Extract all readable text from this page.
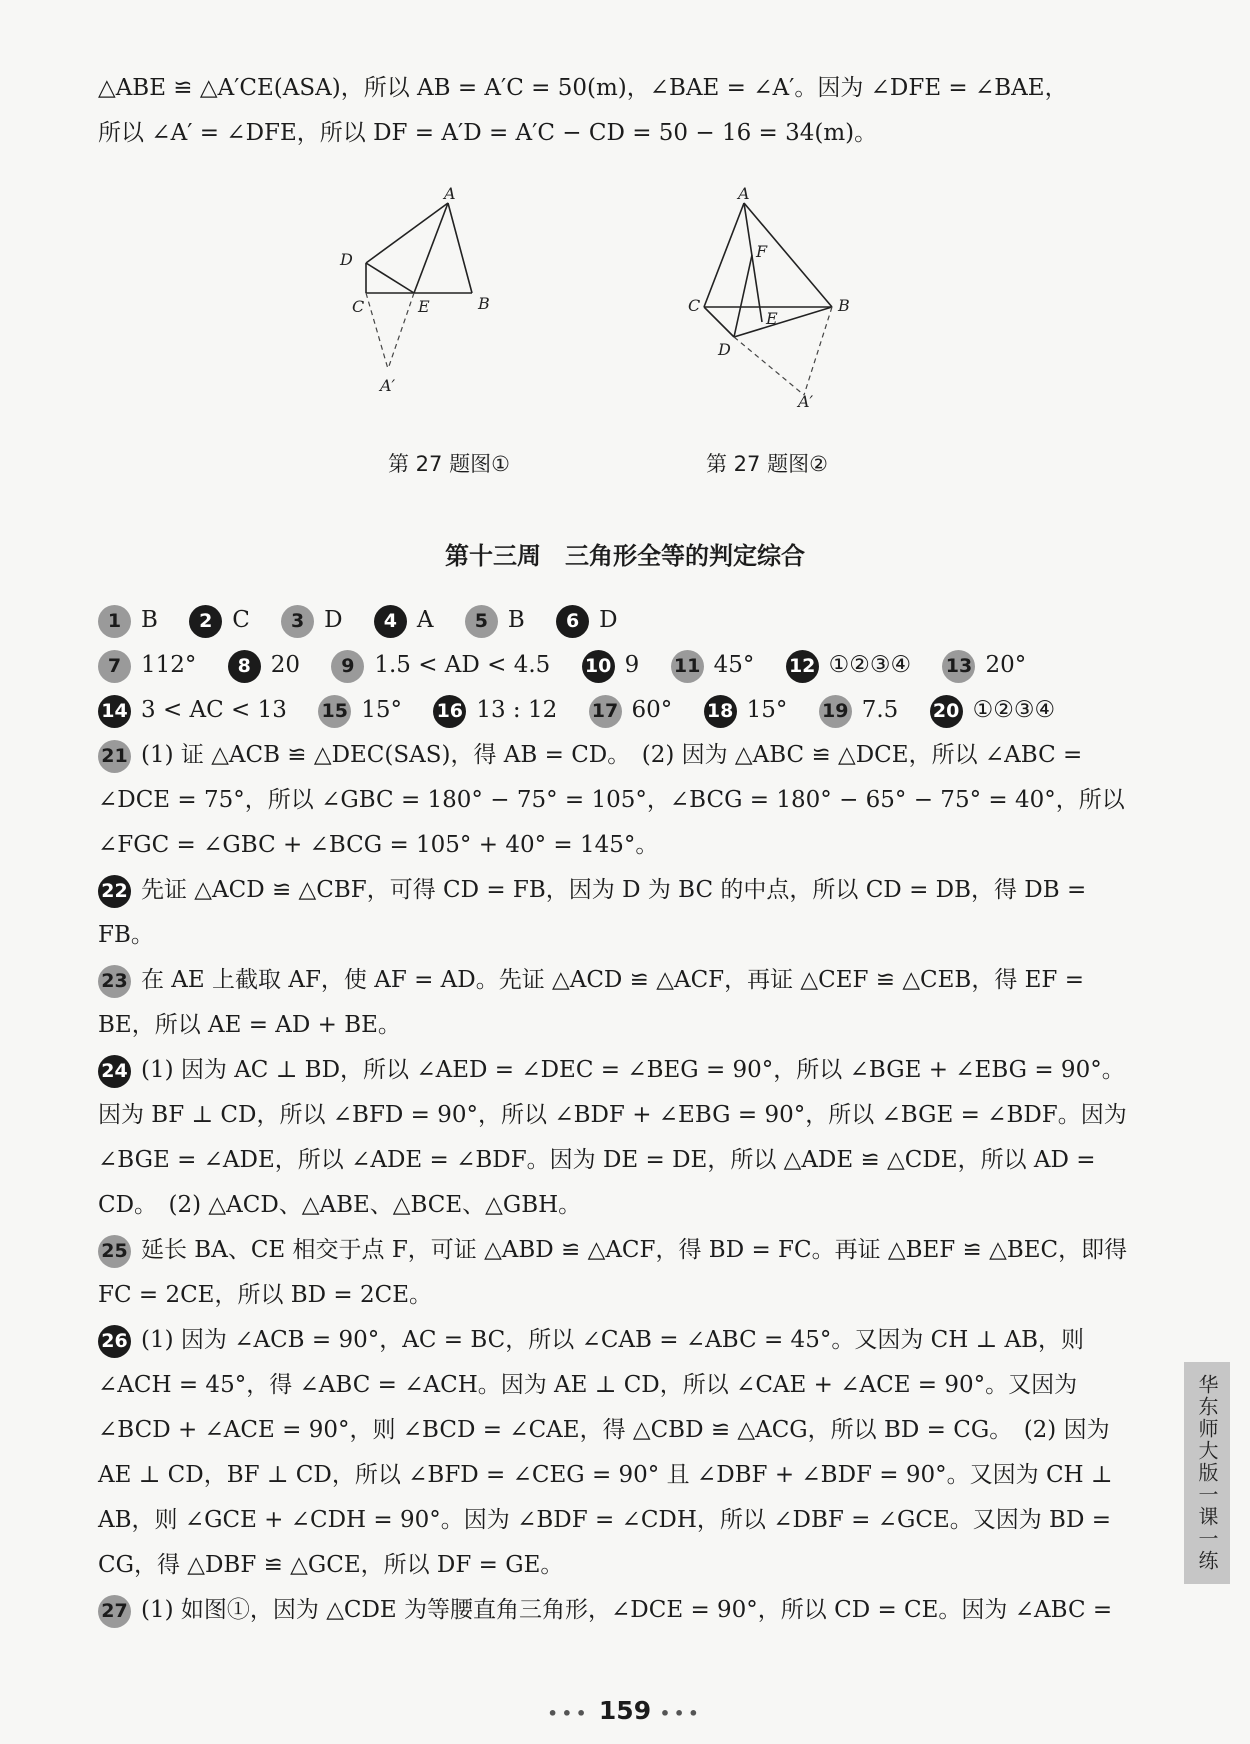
△ABE ≌ △A′CE(ASA)，所以 AB = A′C = 50(m)，∠BAE = ∠A′。因为 ∠DFE = ∠BAE，

所以 ∠A′ = ∠DFE，所以 DF = A′D = A′C − CD = 50 − 16 = 34(m)。

A
D
C	E	B
A′
第 27 题图①
A
F
C
E
B
D
A′
第 27 题图②
第十三周　三角形全等的判定综合
1 B 2 C 3 D 4 A 5 B 6 D
7 112° 8 20 9 1.5 < AD < 4.5 10 9 11 45° 12 ①②③④ 13 20°
14 3 < AC < 13 15 15° 16 13 : 12 17 60° 18 15° 19 7.5 20 ①②③④

21 (1) 证 △ACB ≌ △DEC(SAS)，得 AB = CD。　(2) 因为 △ABC ≌ △DCE，所以 ∠ABC = ∠DCE = 75°，所以 ∠GBC = 180° − 75° = 105°，∠BCG = 180° − 65° − 75° = 40°，所以 ∠FGC = ∠GBC + ∠BCG = 105° + 40° = 145°。

22 先证 △ACD ≌ △CBF，可得 CD = FB，因为 D 为 BC 的中点，所以 CD = DB，得 DB = FB。

23 在 AE 上截取 AF，使 AF = AD。先证 △ACD ≌ △ACF，再证 △CEF ≌ △CEB，得 EF = BE，所以 AE = AD + BE。

24 (1) 因为 AC ⊥ BD，所以 ∠AED = ∠DEC = ∠BEG = 90°，所以 ∠BGE + ∠EBG = 90°。因为 BF ⊥ CD，所以 ∠BFD = 90°，所以 ∠BDF + ∠EBG = 90°，所以 ∠BGE = ∠BDF。因为 ∠BGE = ∠ADE，所以 ∠ADE = ∠BDF。因为 DE = DE，所以 △ADE ≌ △CDE，所以 AD = CD。　(2) △ACD、△ABE、△BCE、△GBH。

25 延长 BA、CE 相交于点 F，可证 △ABD ≌ △ACF，得 BD = FC。再证 △BEF ≌ △BEC，即得 FC = 2CE，所以 BD = 2CE。

26 (1) 因为 ∠ACB = 90°，AC = BC，所以 ∠CAB = ∠ABC = 45°。又因为 CH ⊥ AB，则 ∠ACH = 45°，得 ∠ABC = ∠ACH。因为 AE ⊥ CD，所以 ∠CAE + ∠ACE = 90°。又因为 ∠BCD + ∠ACE = 90°，则 ∠BCD = ∠CAE，得 △CBD ≌ △ACG，所以 BD = CG。　(2) 因为 AE ⊥ CD，BF ⊥ CD，所以 ∠BFD = ∠CEG = 90° 且 ∠DBF + ∠BDF = 90°。又因为 CH ⊥ AB，则 ∠GCE + ∠CDH = 90°。因为 ∠BDF = ∠CDH，所以 ∠DBF = ∠GCE。又因为 BD = CG，得 △DBF ≌ △GCE，所以 DF = GE。

27 (1) 如图①，因为 △CDE 为等腰直角三角形，∠DCE = 90°，所以 CD = CE。因为 ∠ABC =

华东师大版一课一练
••• 159 •••
